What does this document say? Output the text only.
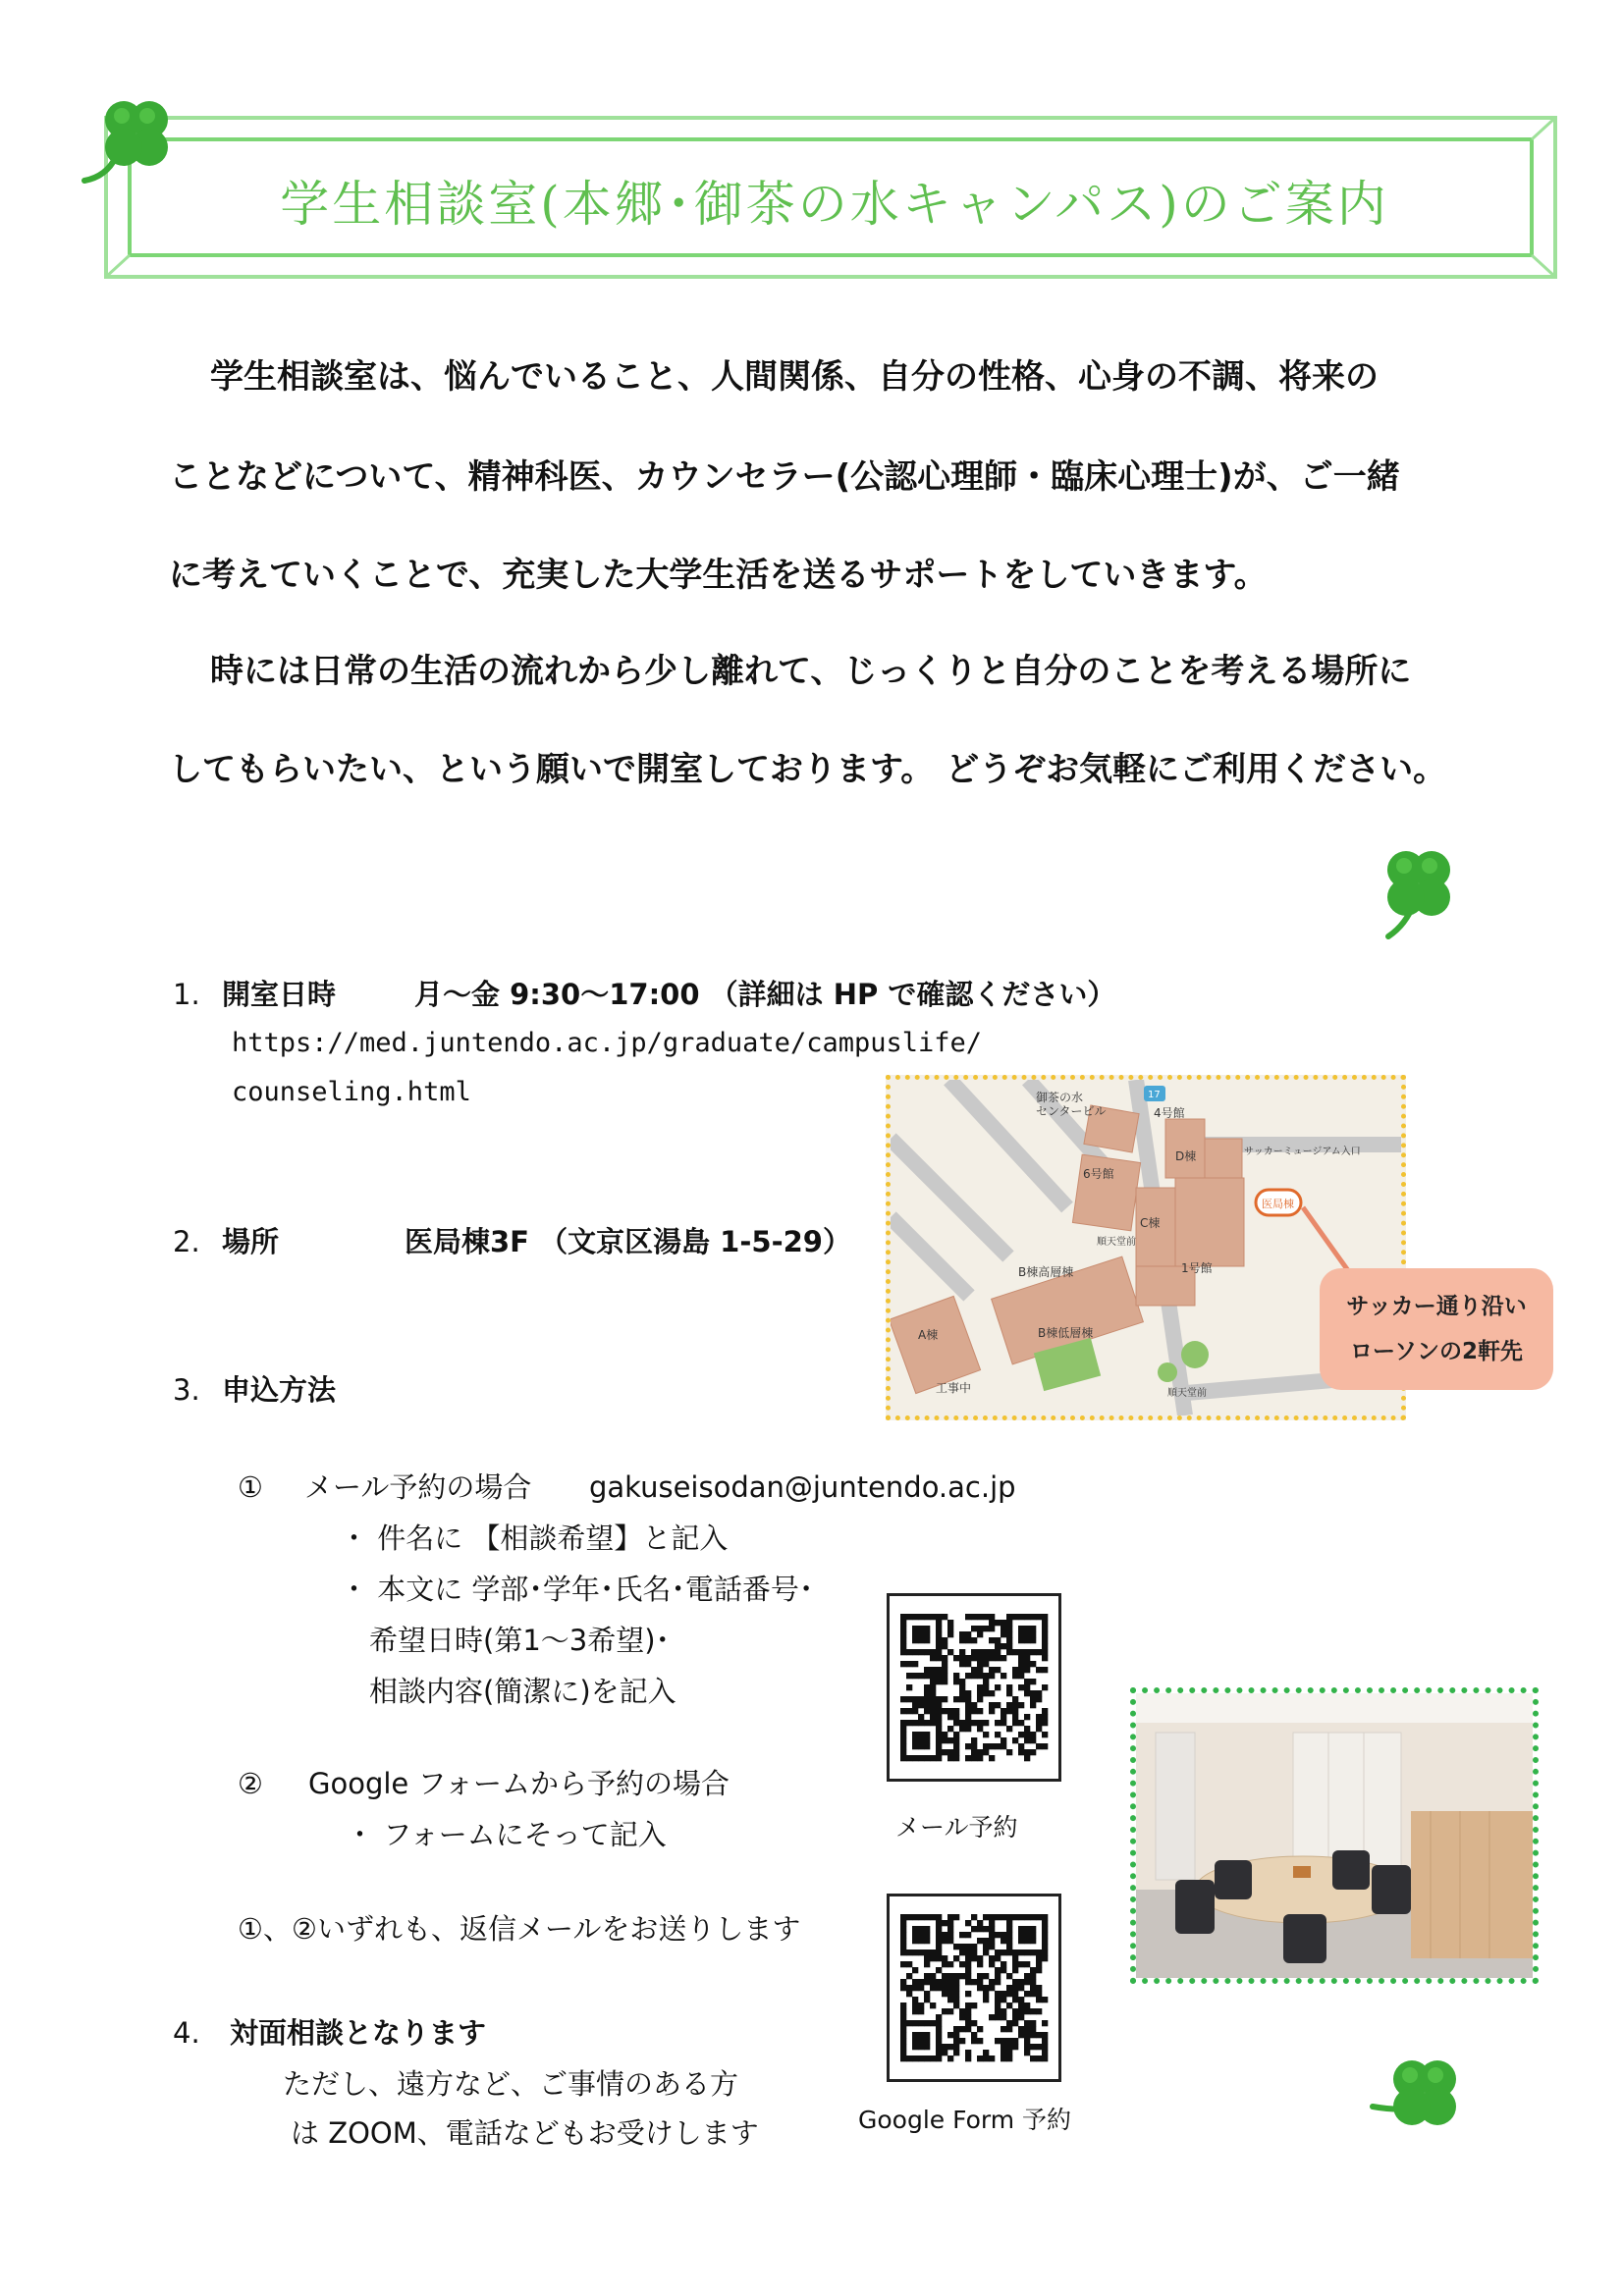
学生相談室(本郷･御茶の水キャンパス)のご案内
学生相談室は、悩んでいること、人間関係、自分の性格、心身の不調、将来の
ことなどについて、精神科医、カウンセラー(公認心理師・臨床心理士)が、ご一緒
に考えていくことで、充実した大学生活を送るサポートをしていきます。
時には日常の生活の流れから少し離れて、じっくりと自分のことを考える場所に
してもらいたい、という願いで開室しております。 どうぞお気軽にご利用ください。
1. 開室日時	月～金 9:30～17:00 （詳細は HP で確認ください）
https://med.juntendo.ac.jp/graduate/campuslife/
counseling.html
2. 場所	医局棟3F （文京区湯島 1-5-29）
御茶の水
センタービル
17
4号館
D棟	サッカーミュージアム入口
6号館
医局棟
C棟
順天堂前
1号館
B棟高層棟
A棟	B棟低層棟
工事中	順天堂前
サッカー通り沿い
ローソンの2軒先
3. 申込方法
① メール予約の場合 gakuseisodan@juntendo.ac.jp
・ 件名に 【相談希望】と記入
・ 本文に 学部･学年･氏名･電話番号･
希望日時(第1～3希望)･
相談内容(簡潔に)を記入
② Google フォームから予約の場合
・ フォームにそって記入
①、②いずれも、返信メールをお送りします
メール予約
Google Form 予約
4. 対面相談となります
ただし、遠方など、ご事情のある方
は ZOOM、電話などもお受けします
